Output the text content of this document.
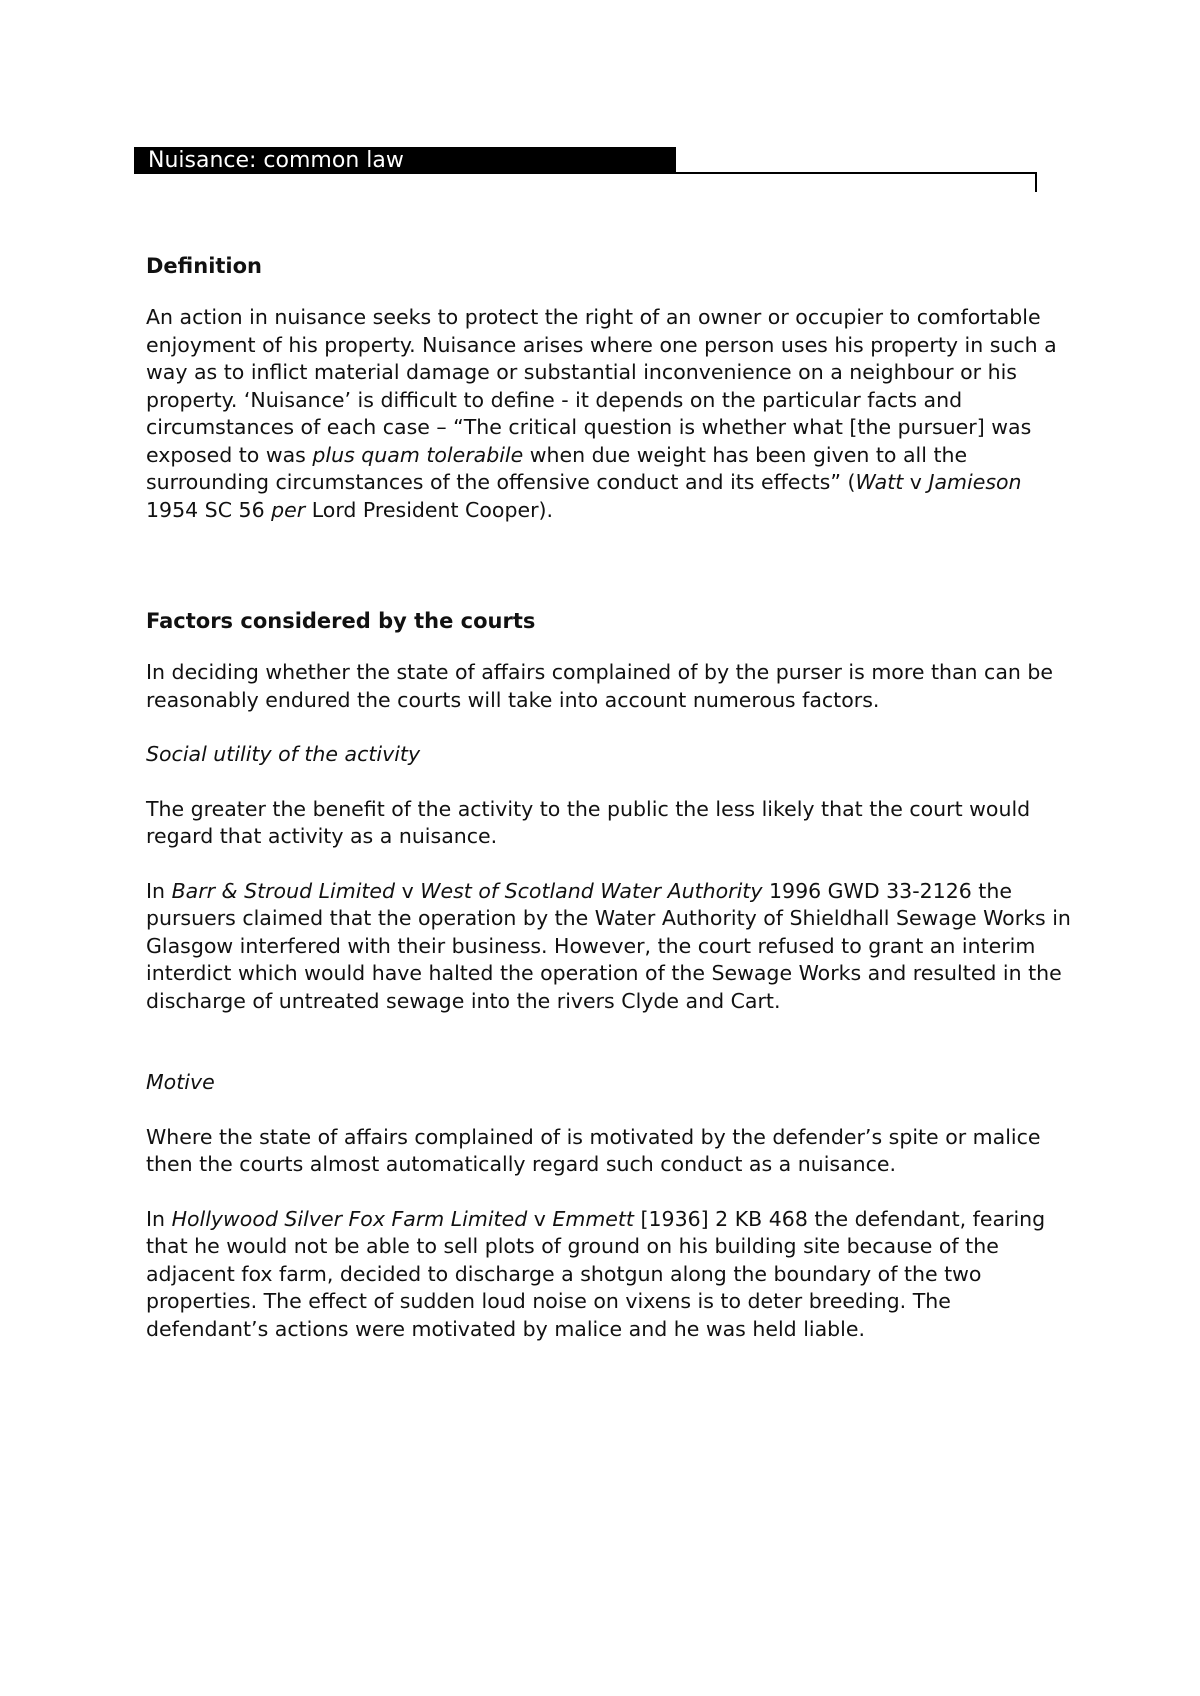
Nuisance: common law
Definition

An action in nuisance seeks to protect the right of an owner or occupier to comfortable enjoyment of his property. Nuisance arises where one person uses his property in such a way as to inflict material damage or substantial inconvenience on a neighbour or his property. ‘Nuisance’ is difficult to define - it depends on the particular facts and circumstances of each case – “The critical question is whether what [the pursuer] was exposed to was plus quam tolerabile when due weight has been given to all the surrounding circumstances of the offensive conduct and its effects” (Watt v Jamieson 1954 SC 56 per Lord President Cooper).

Factors considered by the courts

In deciding whether the state of affairs complained of by the purser is more than can be reasonably endured the courts will take into account numerous factors.

Social utility of the activity

The greater the benefit of the activity to the public the less likely that the court would regard that activity as a nuisance.

In Barr & Stroud Limited v West of Scotland Water Authority 1996 GWD 33-2126 the pursuers claimed that the operation by the Water Authority of Shieldhall Sewage Works in Glasgow interfered with their business. However, the court refused to grant an interim interdict which would have halted the operation of the Sewage Works and resulted in the discharge of untreated sewage into the rivers Clyde and Cart.

Motive

Where the state of affairs complained of is motivated by the defender’s spite or malice then the courts almost automatically regard such conduct as a nuisance.

In Hollywood Silver Fox Farm Limited v Emmett [1936] 2 KB 468 the defendant, fearing that he would not be able to sell plots of ground on his building site because of the adjacent fox farm, decided to discharge a shotgun along the boundary of the two properties. The effect of sudden loud noise on vixens is to deter breeding. The defendant’s actions were motivated by malice and he was held liable.
